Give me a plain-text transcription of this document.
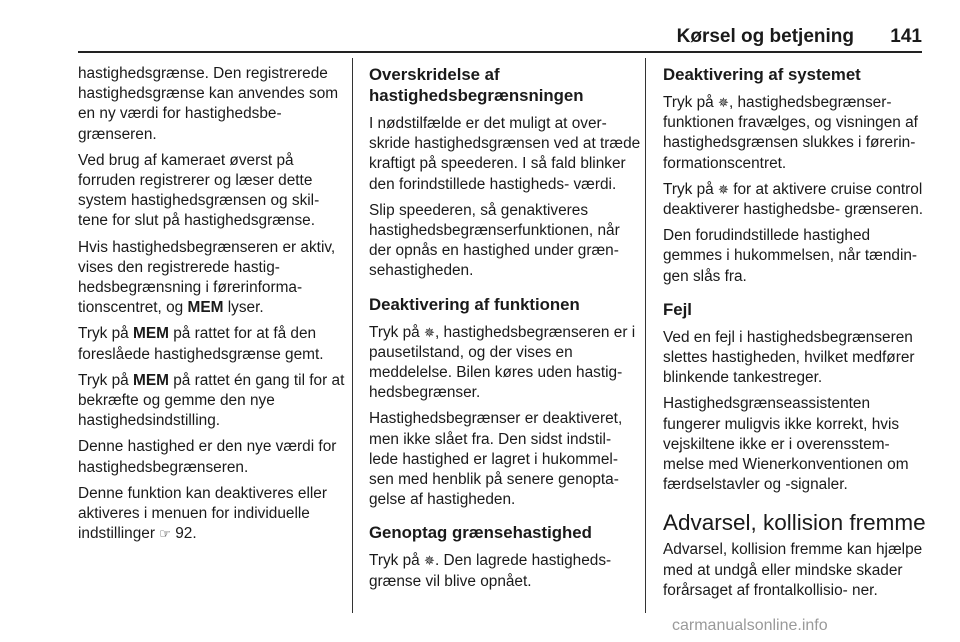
Kørsel og betjening 141

hastighedsgrænse. Den registrerede hastighedsgrænse kan anvendes som en ny værdi for hastighedsbe- grænseren.

Ved brug af kameraet øverst på forruden registrerer og læser dette system hastighedsgrænsen og skil- tene for slut på hastighedsgrænse.

Hvis hastighedsbegrænseren er aktiv, vises den registrerede hastig- hedsbegrænsning i førerinforma- tionscentret, og MEM lyser.

Tryk på MEM på rattet for at få den foreslåede hastighedsgrænse gemt.

Tryk på MEM på rattet én gang til for at bekræfte og gemme den nye hastighedsindstilling.

Denne hastighed er den nye værdi for hastighedsbegrænseren.

Denne funktion kan deaktiveres eller aktiveres i menuen for individuelle indstillinger ☞ 92.

Overskridelse af hastighedsbegrænsningen

I nødstilfælde er det muligt at over- skride hastighedsgrænsen ved at træde kraftigt på speederen. I så fald blinker den forindstillede hastigheds- værdi.

Slip speederen, så genaktiveres hastighedsbegrænserfunktionen, når der opnås en hastighed under græn- sehastigheden.

Deaktivering af funktionen

Tryk på ✵, hastighedsbegrænseren er i pausetilstand, og der vises en meddelelse. Bilen køres uden hastig- hedsbegrænser.

Hastighedsbegrænser er deaktiveret, men ikke slået fra. Den sidst indstil- lede hastighed er lagret i hukommel- sen med henblik på senere genopta- gelse af hastigheden.

Genoptag grænsehastighed

Tryk på ✵. Den lagrede hastigheds- grænse vil blive opnået.

Deaktivering af systemet

Tryk på ✵, hastighedsbegrænser- funktionen fravælges, og visningen af hastighedsgrænsen slukkes i førerin- formationscentret.

Tryk på ✵ for at aktivere cruise control deaktiverer hastighedsbe- grænseren.

Den forudindstillede hastighed gemmes i hukommelsen, når tændin- gen slås fra.

Fejl

Ved en fejl i hastighedsbegrænseren slettes hastigheden, hvilket medfører blinkende tankestreger.

Hastighedsgrænseassistenten fungerer muligvis ikke korrekt, hvis vejskiltene ikke er i overensstem- melse med Wienerkonventionen om færdselstavler og -signaler.

Advarsel, kollision fremme

Advarsel, kollision fremme kan hjælpe med at undgå eller mindske skader forårsaget af frontalkollisio- ner.

carmanualsonline.info
